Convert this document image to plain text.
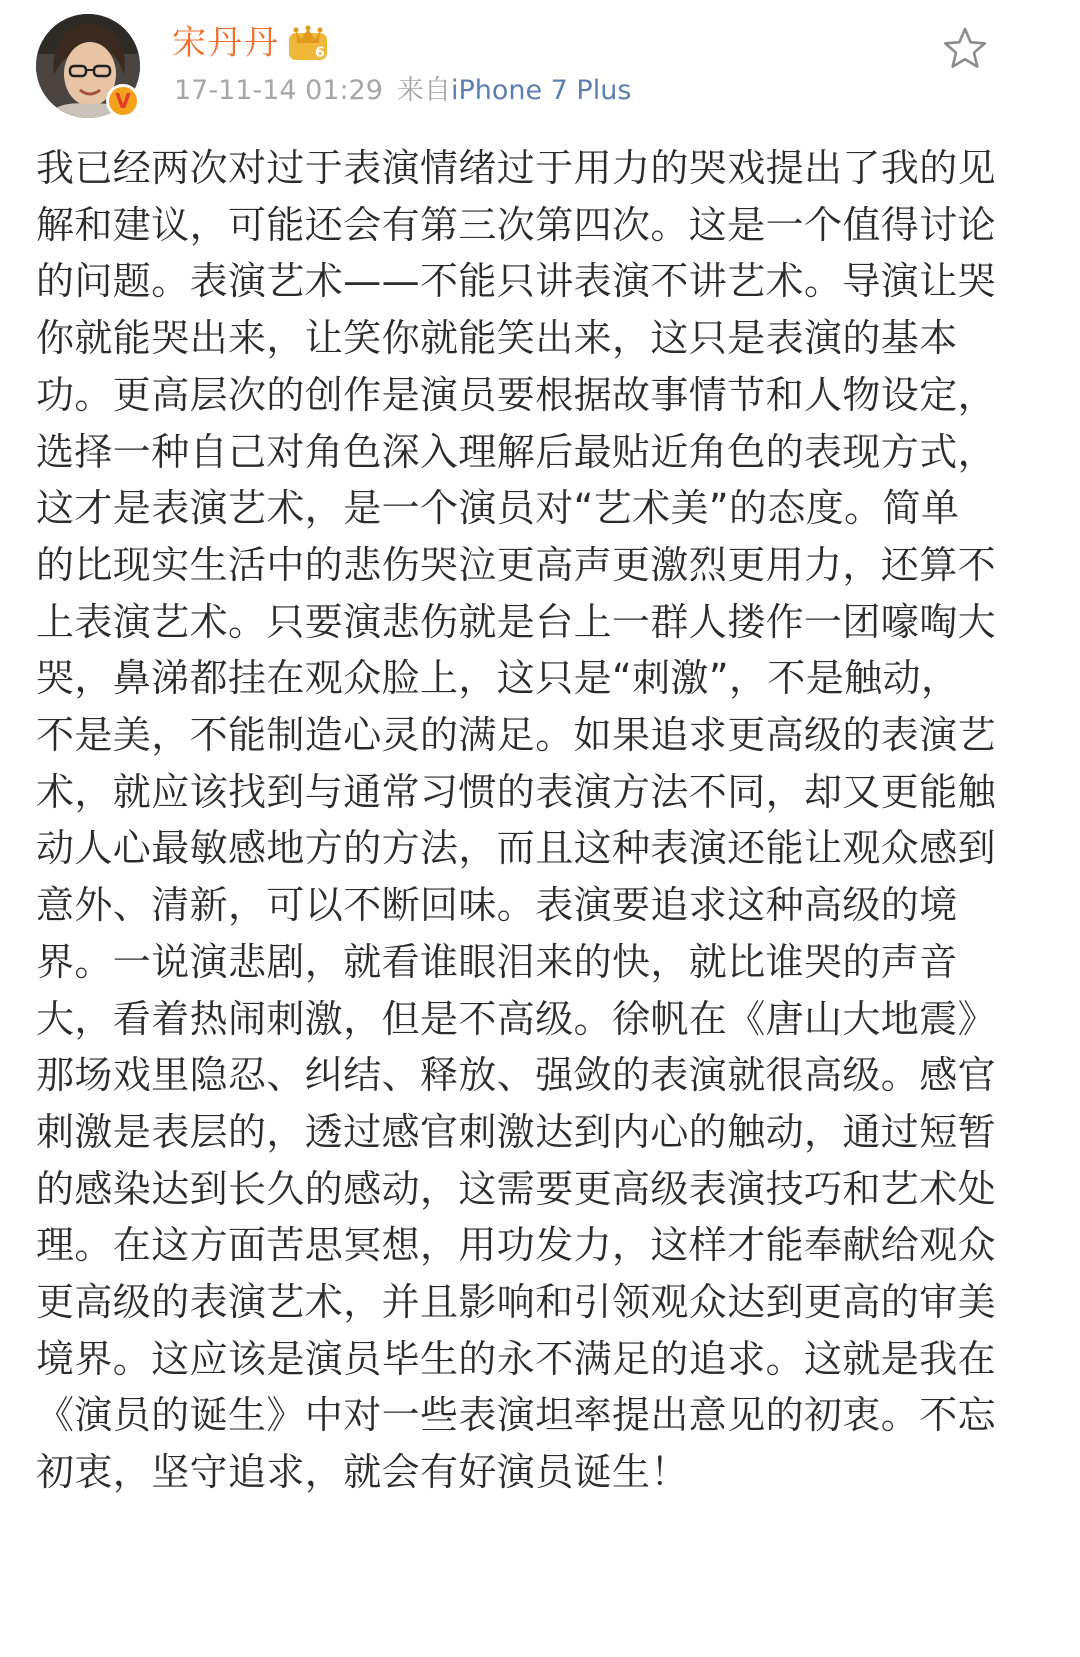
V
宋丹丹	6
17-11-14 01:29 来自iPhone 7 Plus
我已经两次对过于表演情绪过于用力的哭戏提出了我的见解和建议，可能还会有第三次第四次。这是一个值得讨论的问题。表演艺术——不能只讲表演不讲艺术。导演让哭你就能哭出来，让笑你就能笑出来，这只是表演的基本功。更高层次的创作是演员要根据故事情节和人物设定，选择一种自己对角色深入理解后最贴近角色的表现方式，这才是表演艺术，是一个演员对“艺术美”的态度。简单的比现实生活中的悲伤哭泣更高声更激烈更用力，还算不上表演艺术。只要演悲伤就是台上一群人搂作一团嚎啕大哭，鼻涕都挂在观众脸上，这只是“刺激”，不是触动，不是美，不能制造心灵的满足。如果追求更高级的表演艺术，就应该找到与通常习惯的表演方法不同，却又更能触动人心最敏感地方的方法，而且这种表演还能让观众感到意外、清新，可以不断回味。表演要追求这种高级的境界。一说演悲剧，就看谁眼泪来的快，就比谁哭的声音大，看着热闹刺激，但是不高级。徐帆在《唐山大地震》那场戏里隐忍、纠结、释放、强敛的表演就很高级。感官刺激是表层的，透过感官刺激达到内心的触动，通过短暂的感染达到长久的感动，这需要更高级表演技巧和艺术处理。在这方面苦思冥想，用功发力，这样才能奉献给观众更高级的表演艺术，并且影响和引领观众达到更高的审美境界。这应该是演员毕生的永不满足的追求。这就是我在《演员的诞生》中对一些表演坦率提出意见的初衷。不忘初衷，坚守追求，就会有好演员诞生！
